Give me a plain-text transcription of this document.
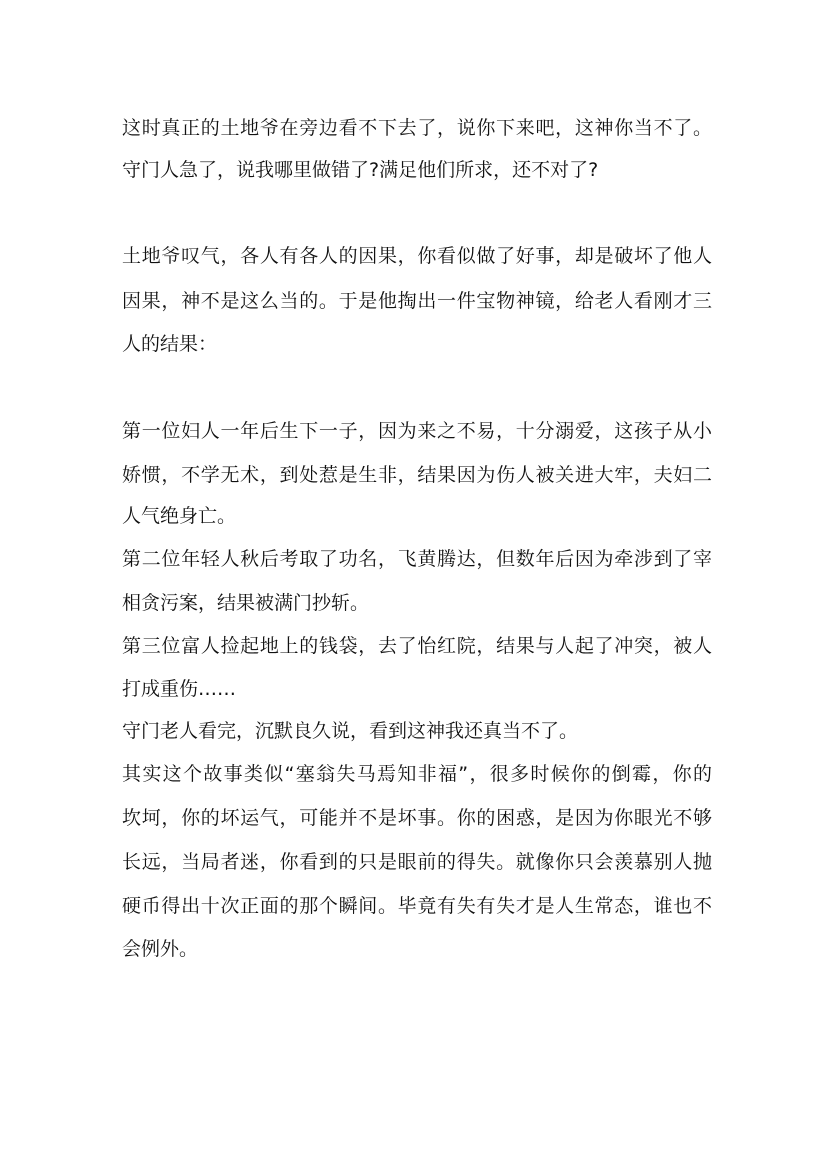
这时真正的土地爷在旁边看不下去了，说你下来吧，这神你当不了。
守门人急了，说我哪里做错了?满足他们所求，还不对了?
土地爷叹气，各人有各人的因果，你看似做了好事，却是破坏了他人
因果，神不是这么当的。于是他掏出一件宝物神镜，给老人看刚才三
人的结果：
第一位妇人一年后生下一子，因为来之不易，十分溺爱，这孩子从小
娇惯，不学无术，到处惹是生非，结果因为伤人被关进大牢，夫妇二
人气绝身亡。
第二位年轻人秋后考取了功名，飞黄腾达，但数年后因为牵涉到了宰
相贪污案，结果被满门抄斩。
第三位富人捡起地上的钱袋，去了怡红院，结果与人起了冲突，被人
打成重伤……
守门老人看完，沉默良久说，看到这神我还真当不了。
其实这个故事类似“塞翁失马焉知非福”，很多时候你的倒霉，你的
坎坷，你的坏运气，可能并不是坏事。你的困惑，是因为你眼光不够
长远，当局者迷，你看到的只是眼前的得失。就像你只会羡慕别人抛
硬币得出十次正面的那个瞬间。毕竟有失有失才是人生常态，谁也不
会例外。
